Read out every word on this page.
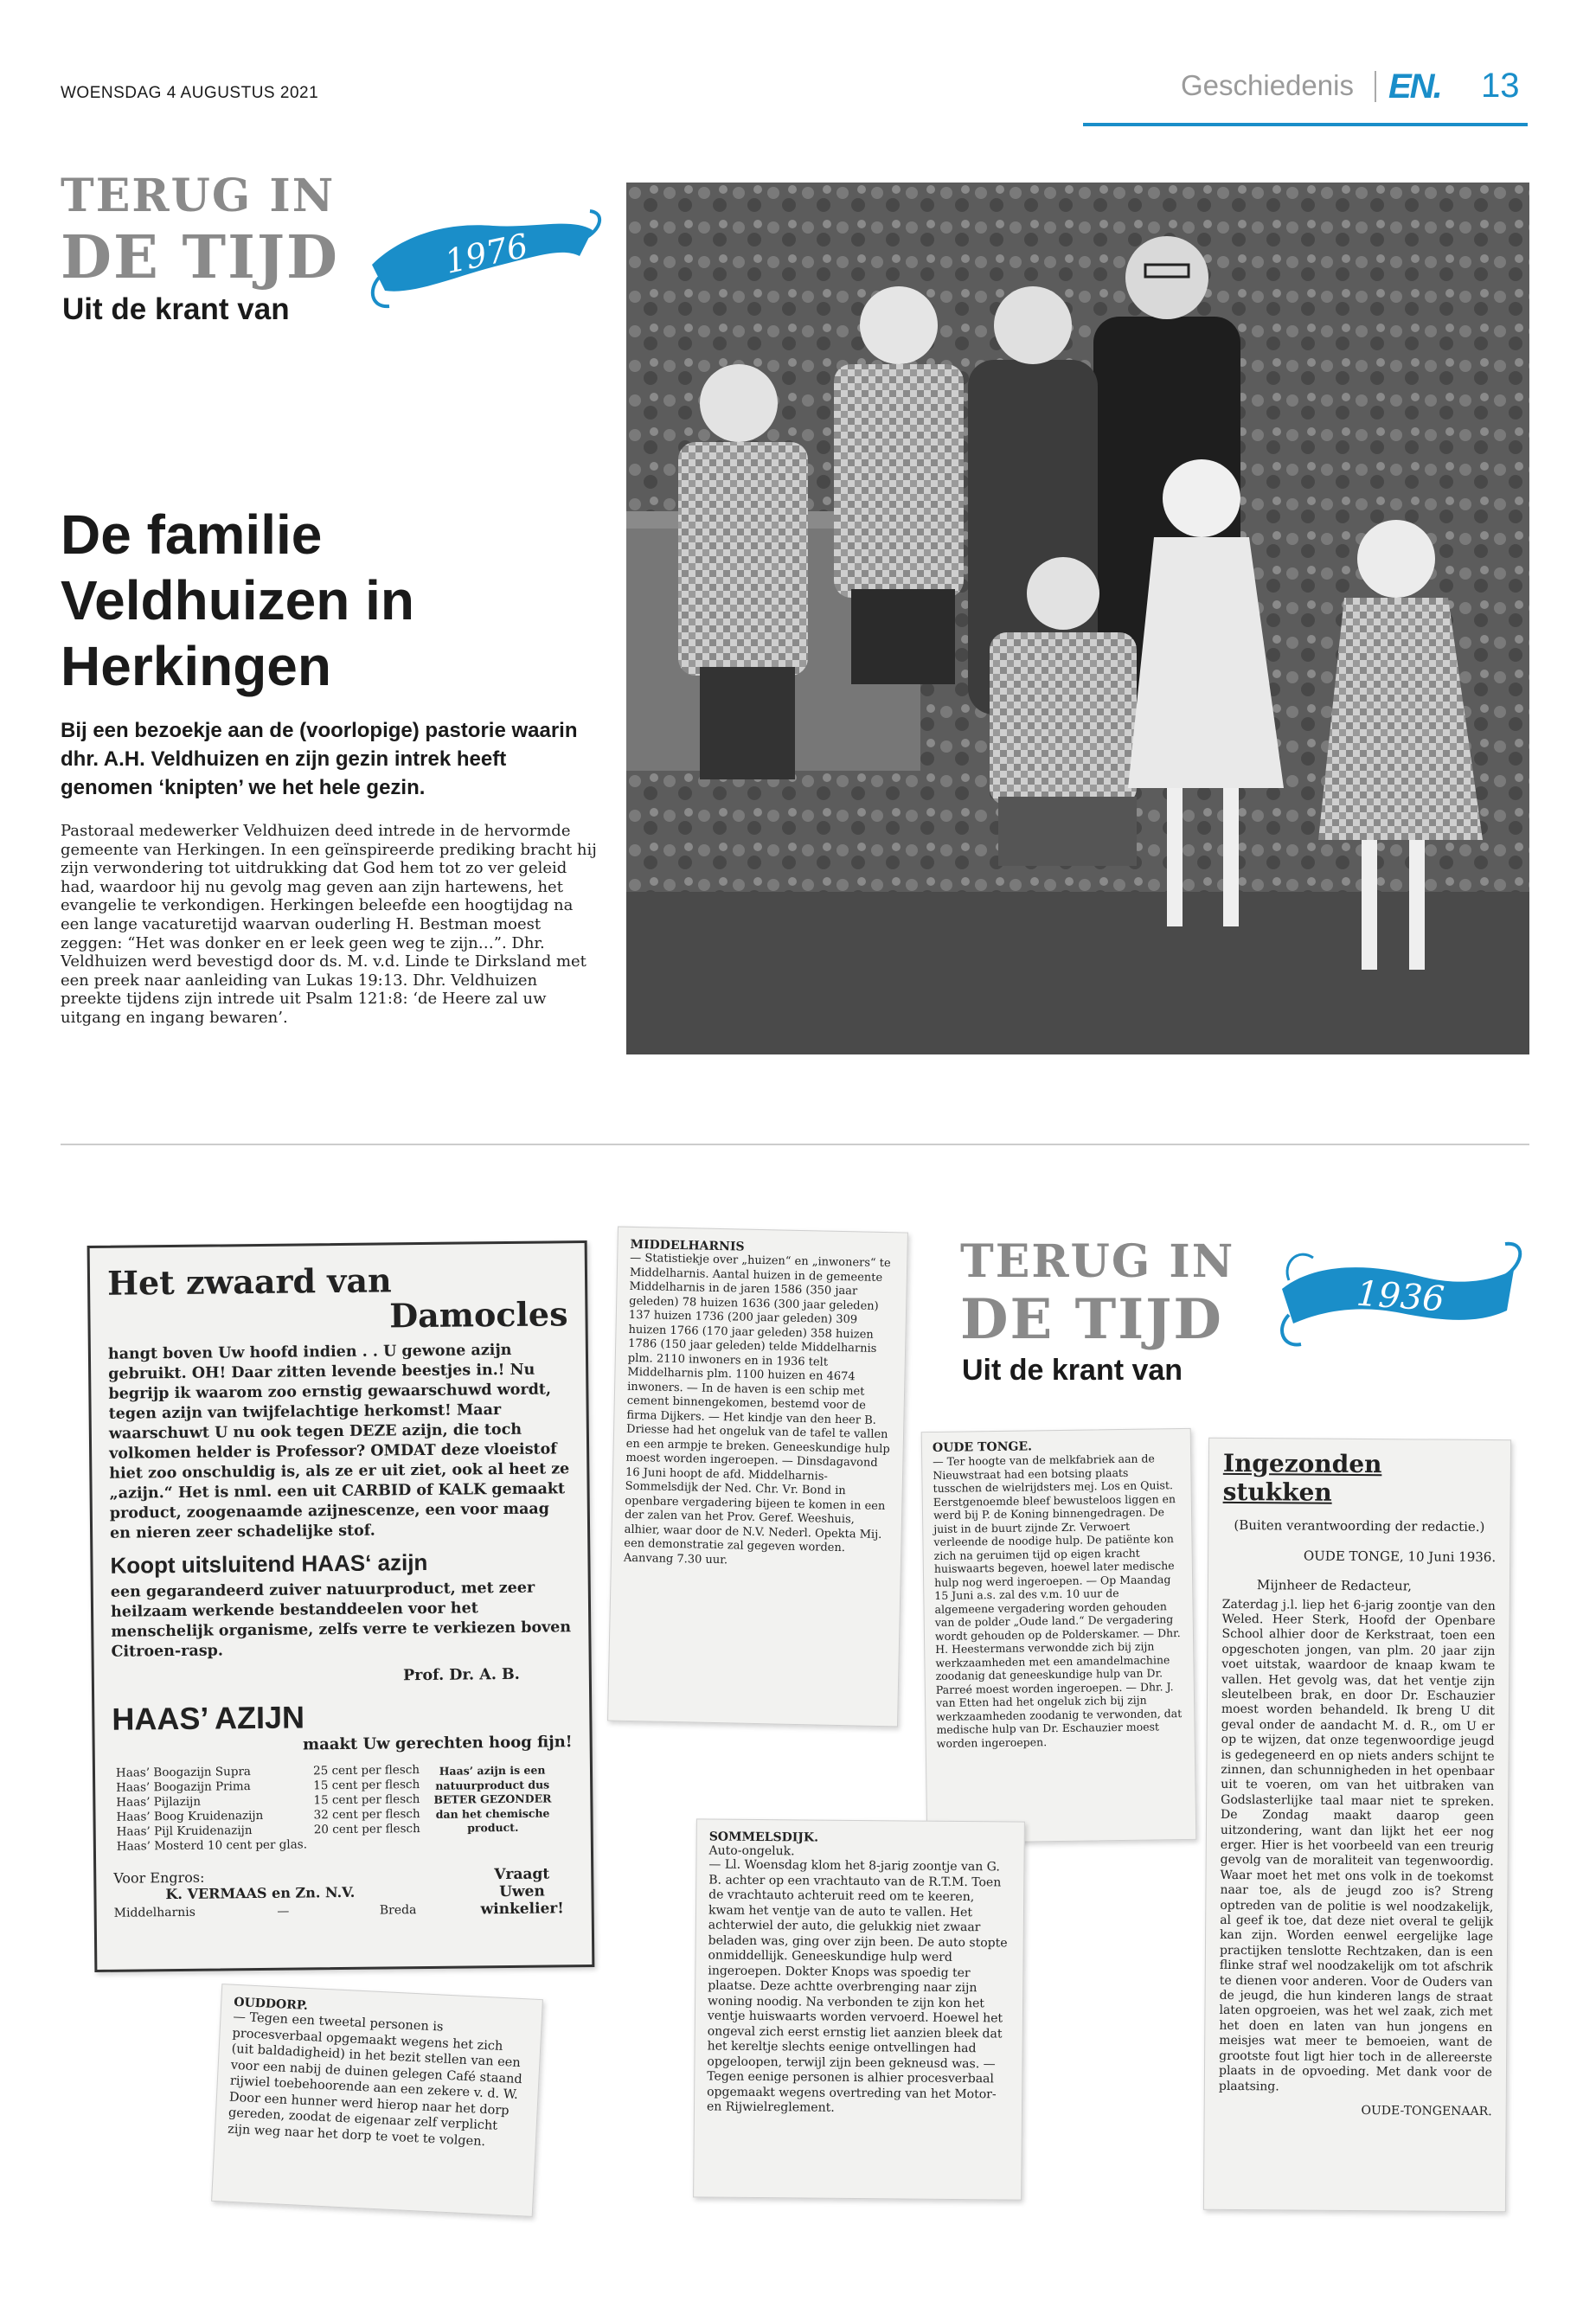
WOENSDAG 4 AUGUSTUS 2021	Geschiedenis EN. 13
TERUG IN
DE TIJD
Uit de krant van
1976
De familie Veldhuizen in Herkingen

Bij een bezoekje aan de (voorlopige) pastorie waarin dhr. A.H. Veldhuizen en zijn gezin intrek heeft genomen ‘knipten’ we het hele gezin.

Pastoraal medewerker Veldhuizen deed intrede in de hervormde gemeente van Herkingen. In een geïnspireerde prediking bracht hij zijn verwondering tot uitdrukking dat God hem tot zo ver geleid had, waardoor hij nu gevolg mag geven aan zijn hartewens, het evangelie te verkondigen. Herkingen beleefde een hoogtijdag na een lange vacaturetijd waarvan ouderling H. Bestman moest zeggen: “Het was donker en er leek geen weg te zijn…”. Dhr. Veldhuizen werd bevestigd door ds. M. v.d. Linde te Dirksland met een preek naar aanleiding van Lukas 19:13. Dhr. Veldhuizen preekte tijdens zijn intrede uit Psalm 121:8: ‘de Heere zal uw uitgang en ingang bewaren’.

TERUG IN
DE TIJD
Uit de krant van
1936

Het zwaard van

Damocles

hangt boven Uw hoofd indien . . U gewone azijn gebruikt. OH! Daar zitten levende beestjes in.! Nu begrijp ik waarom zoo ernstig gewaarschuwd wordt, tegen azijn van twijfelachtige herkomst! Maar waarschuwt U nu ook tegen DEZE azijn, die toch volkomen helder is Professor? OMDAT deze vloeistof hiet zoo onschuldig is, als ze er uit ziet, ook al heet ze „azijn.“ Het is nml. een uit CARBID of KALK gemaakt product, zoogenaamde azijnescenze, een voor maag en nieren zeer schadelijke stof.

Koopt uitsluitend HAAS‘ azijn

een gegarandeerd zuiver natuurproduct, met zeer heilzaam werkende bestanddeelen voor het menschelijk organisme, zelfs verre te verkiezen boven Citroen-rasp.

Prof. Dr. A. B.

HAAS’ AZIJN

maakt Uw gerechten hoog fijn!

Haas’ Boogazijn Supra	25 cent per flesch
Haas’ Boogazijn Prima	15 cent per flesch
Haas’ Pijlazijn	15 cent per flesch
Haas’ Boog Kruidenazijn	32 cent per flesch
Haas’ Pijl Kruidenazijn	20 cent per flesch
Haas’ Mosterd 10 cent per glas.	

Haas’ azijn is een natuurproduct dus BETER GEZONDER dan het chemische product.

Voor Engros:

K. VERMAAS en Zn. N.V.

Middelharnis	—	Breda

Vraagt Uwen winkelier!

MIDDELHARNIS

— Statistiekje over „huizen“ en „inwoners“ te Middelharnis. Aantal huizen in de gemeente Middelharnis in de jaren 1586 (350 jaar geleden) 78 huizen 1636 (300 jaar geleden) 137 huizen 1736 (200 jaar geleden) 309 huizen 1766 (170 jaar geleden) 358 huizen 1786 (150 jaar geleden) telde Middelharnis plm. 2110 inwoners en in 1936 telt Middelharnis plm. 1100 huizen en 4674 inwoners. — In de haven is een schip met cement binnengekomen, bestemd voor de firma Dijkers. — Het kindje van den heer B. Driesse had het ongeluk van de tafel te vallen en een armpje te breken. Geneeskundige hulp moest worden ingeroepen. — Dinsdagavond 16 Juni hoopt de afd. Middelharnis-Sommelsdijk der Ned. Chr. Vr. Bond in openbare vergadering bijeen te komen in een der zalen van het Prov. Geref. Weeshuis, alhier, waar door de N.V. Nederl. Opekta Mij. een demonstratie zal gegeven worden. Aanvang 7.30 uur.

OUDE TONGE.

— Ter hoogte van de melkfabriek aan de Nieuwstraat had een botsing plaats tusschen de wielrijdsters mej. Los en Quist. Eerstgenoemde bleef bewusteloos liggen en werd bij P. de Koning binnengedragen. De juist in de buurt zijnde Zr. Verwoert verleende de noodige hulp. De patiënte kon zich na geruimen tijd op eigen kracht huiswaarts begeven, hoewel later medische hulp nog werd ingeroepen. — Op Maandag 15 Juni a.s. zal des v.m. 10 uur de algemeene vergadering worden gehouden van de polder „Oude land.“ De vergadering wordt gehouden op de Polderskamer. — Dhr. H. Heestermans verwondde zich bij zijn werkzaamheden met een amandelmachine zoodanig dat geneeskundige hulp van Dr. Parreé moest worden ingeroepen. — Dhr. J. van Etten had het ongeluk zich bij zijn werkzaamheden zoodanig te verwonden, dat medische hulp van Dr. Eschauzier moest worden ingeroepen.

SOMMELSDIJK.

Auto-ongeluk.

— Ll. Woensdag klom het 8-jarig zoontje van G. B. achter op een vrachtauto van de R.T.M. Toen de vrachtauto achteruit reed om te keeren, kwam het ventje van de auto te vallen. Het achterwiel der auto, die gelukkig niet zwaar beladen was, ging over zijn been. De auto stopte onmiddellijk. Geneeskundige hulp werd ingeroepen. Dokter Knops was spoedig ter plaatse. Deze achtte overbrenging naar zijn woning noodig. Na verbonden te zijn kon het ventje huiswaarts worden vervoerd. Hoewel het ongeval zich eerst ernstig liet aanzien bleek dat het kereltje slechts eenige ontvellingen had opgeloopen, terwijl zijn been gekneusd was. — Tegen eenige personen is alhier procesverbaal opgemaakt wegens overtreding van het Motor- en Rijwielreglement.

OUDDORP.

— Tegen een tweetal personen is procesverbaal opgemaakt wegens het zich (uit baldadigheid) in het bezit stellen van een voor een nabij de duinen gelegen Café staand rijwiel toebehoorende aan een zekere v. d. W. Door een hunner werd hierop naar het dorp gereden, zoodat de eigenaar zelf verplicht zijn weg naar het dorp te voet te volgen.

Ingezonden stukken

(Buiten verantwoording der redactie.)

OUDE TONGE, 10 Juni 1936.

Mijnheer de Redacteur,

Zaterdag j.l. liep het 6-jarig zoontje van den Weled. Heer Sterk, Hoofd der Openbare School alhier door de Kerkstraat, toen een opgeschoten jongen, van plm. 20 jaar zijn voet uitstak, waardoor de knaap kwam te vallen. Het gevolg was, dat het ventje zijn sleutelbeen brak, en door Dr. Eschauzier moest worden behandeld. Ik breng U dit geval onder de aandacht M. d. R., om U er op te wijzen, dat onze tegenwoordige jeugd is gedegeneerd en op niets anders schijnt te zinnen, dan schunnigheden in het openbaar uit te voeren, om van het uitbraken van Godslasterlijke taal maar niet te spreken. De Zondag maakt daarop geen uitzondering, want dan lijkt het eer nog erger. Hier is het voorbeeld van een treurig gevolg van de moraliteit van tegenwoordig. Waar moet het met ons volk in de toekomst naar toe, als de jeugd zoo is? Streng optreden van de politie is wel noodzakelijk, al geef ik toe, dat deze niet overal te gelijk kan zijn. Worden eenwel eergelijke lage practijken tenslotte Rechtzaken, dan is een flinke straf wel noodzakelijk om tot afschrik te dienen voor anderen. Voor de Ouders van de jeugd, die hun kinderen langs de straat laten opgroeien, was het wel zaak, zich met het doen en laten van hun jongens en meisjes wat meer te bemoeien, want de grootste fout ligt hier toch in de allereerste plaats in de opvoeding. Met dank voor de plaatsing.

OUDE-TONGENAAR.
